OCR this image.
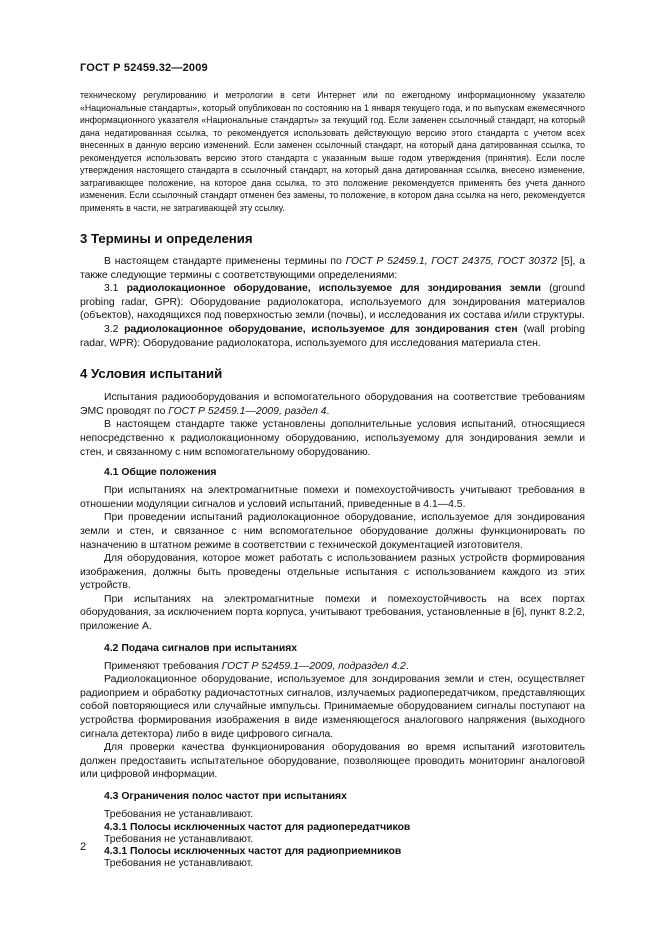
ГОСТ Р 52459.32—2009

техническому регулированию и метрологии в сети Интернет или по ежегодному информационному указателю «Национальные стандарты», который опубликован по состоянию на 1 января текущего года, и по выпускам ежемесячного информационного указателя «Национальные стандарты» за текущий год. Если заменен ссылочный стандарт, на который дана недатированная ссылка, то рекомендуется использовать действующую версию этого стандарта с учетом всех внесенных в данную версию изменений. Если заменен ссылочный стандарт, на который дана датированная ссылка, то рекомендуется использовать версию этого стандарта с указанным выше годом утверждения (принятия). Если после утверждения настоящего стандарта в ссылочный стандарт, на который дана датированная ссылка, внесено изменение, затрагивающее положение, на которое дана ссылка, то это положение рекомендуется применять без учета данного изменения. Если ссылочный стандарт отменен без замены, то положение, в котором дана ссылка на него, рекомендуется применять в части, не затрагивающей эту ссылку.

3 Термины и определения

В настоящем стандарте применены термины по ГОСТ Р 52459.1, ГОСТ 24375, ГОСТ 30372 [5], а также следующие термины с соответствующими определениями:

3.1 радиолокационное оборудование, используемое для зондирования земли (ground probing radar, GPR): Оборудование радиолокатора, используемого для зондирования материалов (объектов), находящихся под поверхностью земли (почвы), и исследования их состава и/или структуры.

3.2 радиолокационное оборудование, используемое для зондирования стен (wall probing radar, WPR): Оборудование радиолокатора, используемого для исследования материала стен.

4 Условия испытаний

Испытания радиооборудования и вспомогательного оборудования на соответствие требованиям ЭМС проводят по ГОСТ Р 52459.1—2009, раздел 4.

В настоящем стандарте также установлены дополнительные условия испытаний, относящиеся непосредственно к радиолокационному оборудованию, используемому для зондирования земли и стен, и связанному с ним вспомогательному оборудованию.

4.1 Общие положения

При испытаниях на электромагнитные помехи и помехоустойчивость учитывают требования в отношении модуляции сигналов и условий испытаний, приведенные в 4.1—4.5.

При проведении испытаний радиолокационное оборудование, используемое для зондирования земли и стен, и связанное с ним вспомогательное оборудование должны функционировать по назначению в штатном режиме в соответствии с технической документацией изготовителя.

Для оборудования, которое может работать с использованием разных устройств формирования изображения, должны быть проведены отдельные испытания с использованием каждого из этих устройств.

При испытаниях на электромагнитные помехи и помехоустойчивость на всех портах оборудования, за исключением порта корпуса, учитывают требования, установленные в [6], пункт 8.2.2, приложение А.

4.2 Подача сигналов при испытаниях

Применяют требования ГОСТ Р 52459.1—2009, подраздел 4.2.

Радиолокационное оборудование, используемое для зондирования земли и стен, осуществляет радиоприем и обработку радиочастотных сигналов, излучаемых радиопередатчиком, представляющих собой повторяющиеся или случайные импульсы. Принимаемые оборудованием сигналы поступают на устройства формирования изображения в виде изменяющегося аналогового напряжения (выходного сигнала детектора) либо в виде цифрового сигнала.

Для проверки качества функционирования оборудования во время испытаний изготовитель должен предоставить испытательное оборудование, позволяющее проводить мониторинг аналоговой или цифровой информации.

4.3 Ограничения полос частот при испытаниях

Требования не устанавливают.

4.3.1 Полосы исключенных частот для радиопередатчиков

Требования не устанавливают.

4.3.1 Полосы исключенных частот для радиоприемников

Требования не устанавливают.

2
